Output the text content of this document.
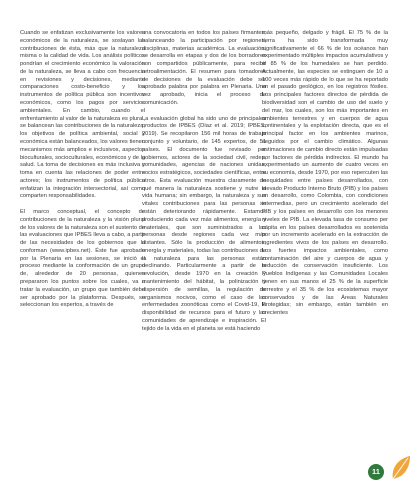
Cuando se enfatizan exclusivamente los valores económicos de la naturaleza, se soslayan las contribuciones de ésta, más que la naturaleza misma o la calidad de vida. Los análisis políticos pondrían el crecimiento económico la valoración de la naturaleza, se lleva a cabo con frecuencia en revisiones y decisiones, mediante comparaciones costo-beneficio y los instrumentos de política pública son incentivos económicos, como los pagos por servicios ambientales. En cambio, cuando el enfrentamiento al valor de la naturaleza es plural, se balancean las contribuciones de la naturaleza, los objetivos de política ambiental, social y económica están balanceados, los valores tienen mecanismos más amplios e inclusivos, aspectos bioculturales, socioculturales, económicos y de la salud. La toma de decisiones es más inclusiva y toma en cuenta las relaciones de poder entre actores; los instrumentos de política pública enfatizan la integración intersectorial, así como comparten responsabilidades.

El marco conceptual, el concepto de contribuciones de la naturaleza y la visión plural de los valores de la naturaleza son el sustento de las evaluaciones que IPBES lleva a cabo, a partir de las necesidades de los gobiernos que la conforman (www.ipbes.net). Éste fue aprobado por la Plenaria en las sesiones, se inició el proceso mediante la conformación de un grupo de, alrededor de 20 personas, quienes prepararon los puntos sobre los cuales, va a tratar la evaluación, un grupo que también debe ser aprobado por la plataforma. Después, se seleccionan los expertos, a través de

una convocatoria en todos los países firmantes, balanceando la participación por regiones, disciplinas, materias académica. La evaluación, se desarrolla en etapas y dos de los borradores son compartidos públicamente, para recibir retroalimentación. El resumen para tomadores de decisiones de la evaluación debe ser aprobado palabra por palabra en Plenaria. Una vez aprobado, inicia el proceso de comunicación.

La evaluación global ha sido uno de principales productos de IPBES (Díaz et al. 2019; IPBES, 2019). Se recopilaron 156 mil horas de trabajo conjunto y voluntario, de 145 expertos, de 51 países. El documento fue revisado por gobiernos, actores de la sociedad civil, redes, comunidades, agencias de naciones unidas, socios estratégicos, sociedades científicas, entre otros. Esta evaluación muestra claramente de qué manera la naturaleza sostiene y nutre la vida humana; sin embargo, la naturaleza y sus vitales contribuciones para las personas se están deteriorando rápidamente. Estamos produciendo cada vez más alimentos, energía y materiales, que son suministrados a las personas desde regiones cada vez más distantes. Sólo la producción de alimentos, energía y materiales, todas las contribuciones de la naturaleza para las personas están declinando. Particularmente a partir de la revolución, desde 1970 en la creación y mantenimiento del hábitat, la polinización y dispersión de semillas, la regulación de organismos nocivos, como el caso de las enfermedades zoonóticas como el Covid-19, la disponibilidad de recursos para el futuro y las comunidades de aprendizaje e inspiración. El tejido de la vida en el planeta se está haciendo

más pequeño, delgado y frágil. El 75 % de la tierra ha sido transformada muy significativamente el 66 % de los océanos han experimentado múltiples impactos acumulativos y el 85 % de los humedales se han perdido. Actualmente, las especies se extinguen de 10 a 100 veces más rápido de lo que se ha reportado en el pasado geológico, en los registros fósiles. Los principales factores directos de pérdida de biodiversidad son el cambio de uso del suelo y del mar, los cuales, son los más importantes en ambientes terrestres y en cuerpos de agua continentales y la explotación directa, que es el principal factor en los ambientes marinos, seguidos por el cambio climático. Algunas estimaciones de cambio directo están impulsadas por factores de pérdida indirectos. El mundo ha experimentado un aumento de cuatro veces en su economía, desde 1970, por eso repercuten las inequidades entre países desarrollados, con elevado Producto Interno Bruto (PIB) y los países en desarrollo, como Colombia, con condiciones intermedias, pero un crecimiento acelerado del PIB y los países en desarrollo con los menores niveles de PIB. La elevada tasa de consumo per cápita en los países desarrollados es sostenida por un incremento acelerado en la extracción de ingredientes vivos de los países en desarrollo. Los fuertes impactos ambientales, como contaminación del aire y cuerpos de agua y reducción de conservación insuficiente. Los Pueblos Indígenas y las Comunidades Locales tienen en sus manos el 25 % de la superficie terrestre y el 35 % de los ecosistemas mayor conservados y de las Áreas Naturales Protegidas; sin embargo, están también en crecientes

11
